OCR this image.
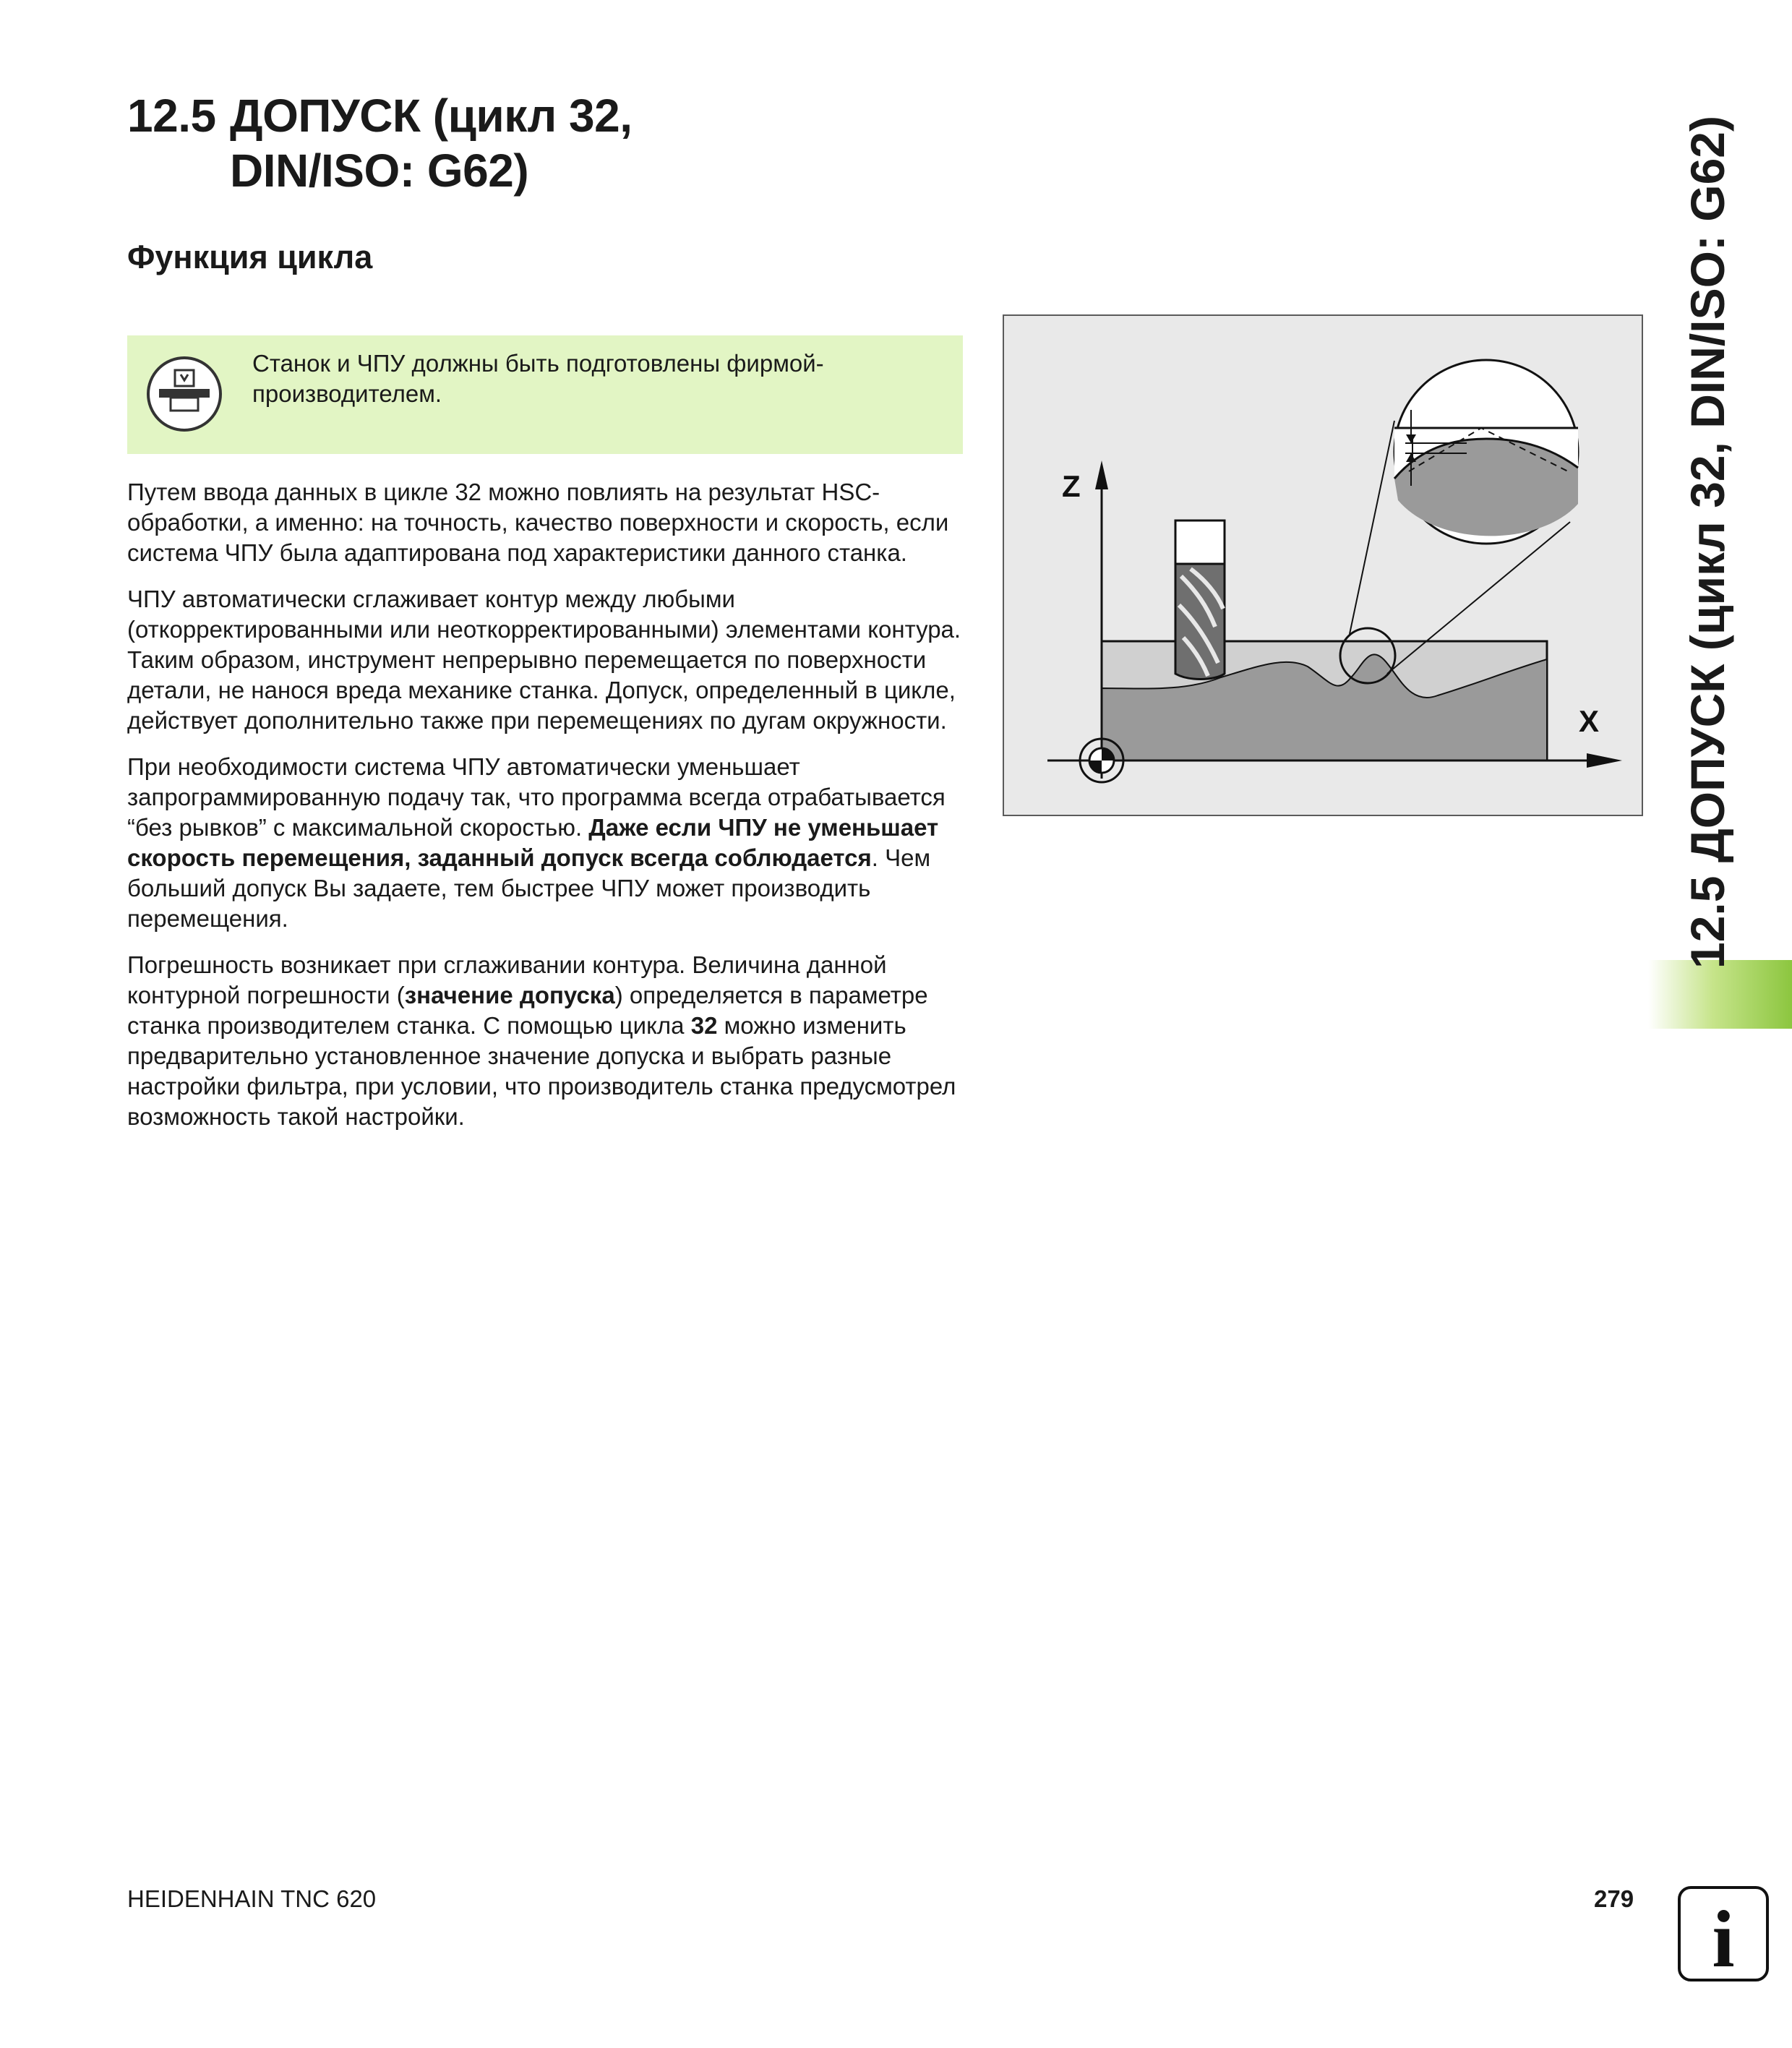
12.5 ДОПУСК (цикл 32,
DIN/ISO: G62)
Функция цикла
Станок и ЧПУ должны быть подготовлены фирмой-производителем.

Путем ввода данных в цикле 32 можно повлиять на результат HSC-обработки, а именно: на точность, качество поверхности и скорость, если система ЧПУ была адаптирована под характеристики данного станка.

ЧПУ автоматически сглаживает контур между любыми (откорректированными или неоткорректированными) элементами контура. Таким образом, инструмент непрерывно перемещается по поверхности детали, не нанося вреда механике станка. Допуск, определенный в цикле, действует дополнительно также при перемещениях по дугам окружности.

При необходимости система ЧПУ автоматически уменьшает запрограммированную подачу так, что программа всегда отрабатывается “без рывков” с максимальной скоростью. Даже если ЧПУ не уменьшает скорость перемещения, заданный допуск всегда соблюдается. Чем больший допуск Вы задаете, тем быстрее ЧПУ может производить перемещения.

Погрешность возникает при сглаживании контура. Величина данной контурной погрешности (значение допуска) определяется в параметре станка производителем станка. С помощью цикла 32 можно изменить предварительно установленное значение допуска и выбрать разные настройки фильтра, при условии, что производитель станка предусмотрел возможность такой настройки.

Z
X 12.5 ДОПУСК (цикл 32, DIN/ISO: G62)
HEIDENHAIN TNC 620	279 i
